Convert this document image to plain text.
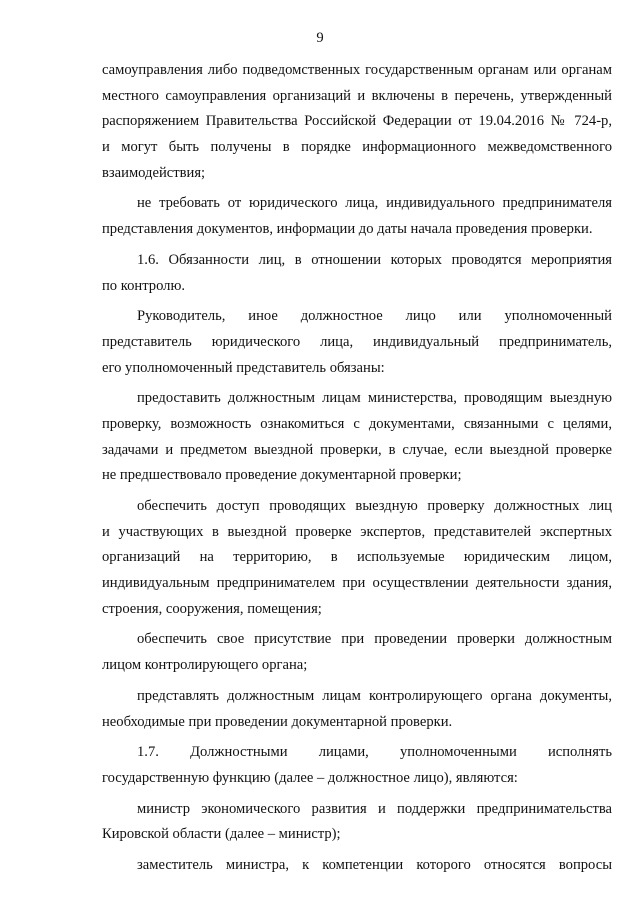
9
самоуправления либо подведомственных государственным органам или органам
местного самоуправления организаций и включены в перечень, утвержденный
распоряжением Правительства Российской Федерации от 19.04.2016 № 724-р,
и могут быть получены в порядке информационного межведомственного
взаимодействия;
не требовать от юридического лица, индивидуального предпринимателя
представления документов, информации до даты начала проведения проверки.
1.6. Обязанности лиц, в отношении которых проводятся мероприятия
по контролю.
Руководитель, иное должностное лицо или уполномоченный
представитель юридического лица, индивидуальный предприниматель,
его уполномоченный представитель обязаны:
предоставить должностным лицам министерства, проводящим выездную
проверку, возможность ознакомиться с документами, связанными с целями,
задачами и предметом выездной проверки, в случае, если выездной проверке
не предшествовало проведение документарной проверки;
обеспечить доступ проводящих выездную проверку должностных лиц
и участвующих в выездной проверке экспертов, представителей экспертных
организаций на территорию, в используемые юридическим лицом,
индивидуальным предпринимателем при осуществлении деятельности здания,
строения, сооружения, помещения;
обеспечить свое присутствие при проведении проверки должностным
лицом контролирующего органа;
представлять должностным лицам контролирующего органа документы,
необходимые при проведении документарной проверки.
1.7. Должностными лицами, уполномоченными исполнять
государственную функцию (далее – должностное лицо), являются:
министр экономического развития и поддержки предпринимательства
Кировской области (далее – министр);
заместитель министра, к компетенции которого относятся вопросы
